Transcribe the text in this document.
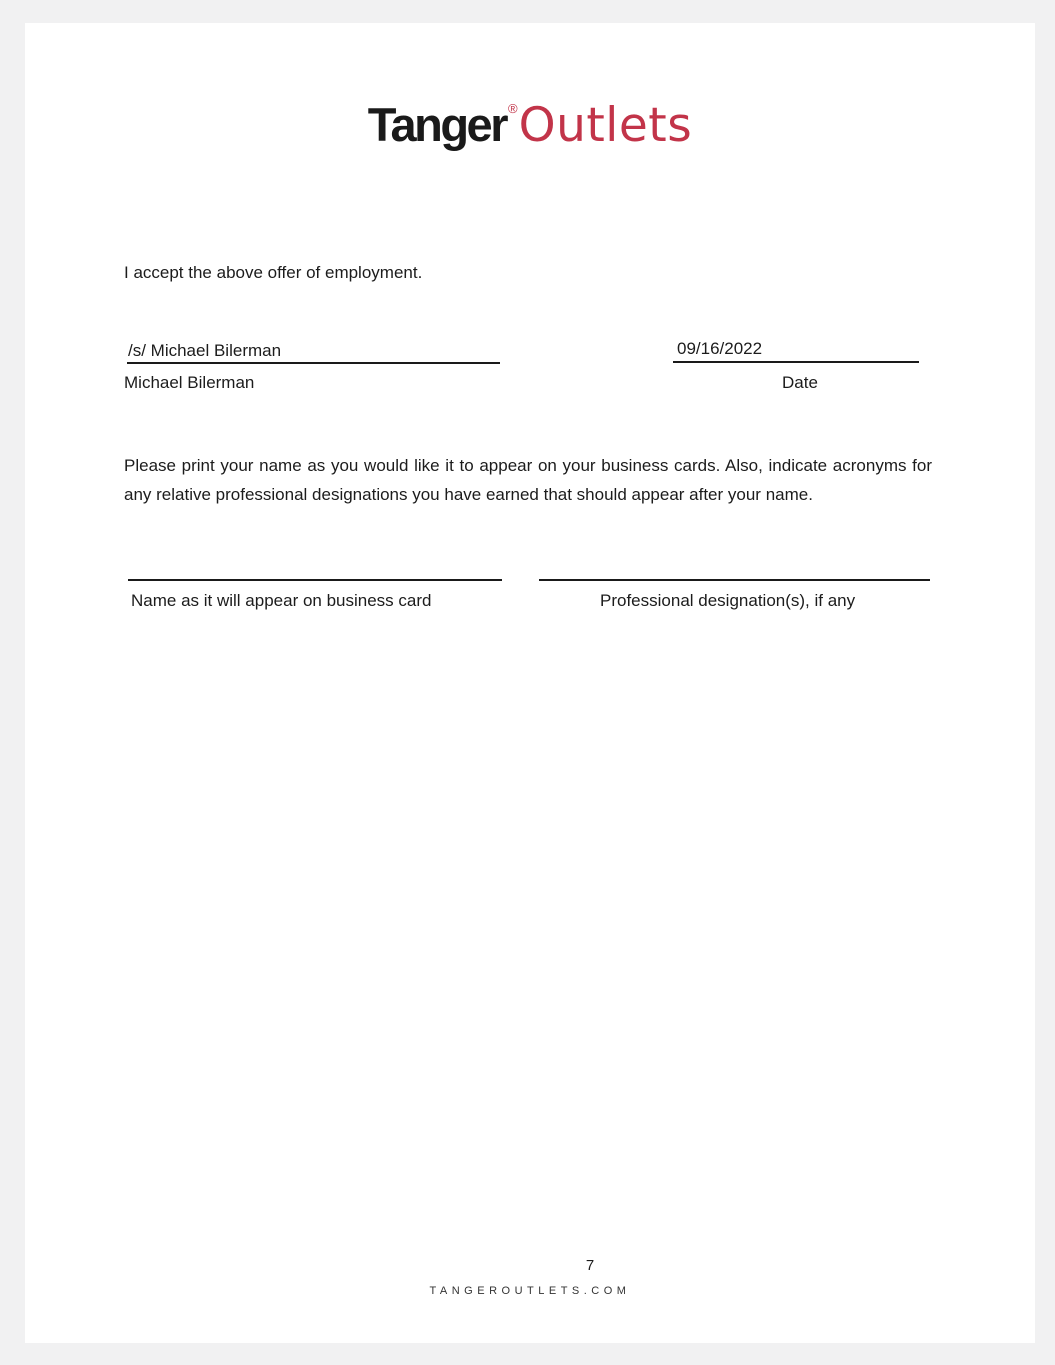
Tanger ®Outlets
I accept the above offer of employment.
/s/ Michael Bilerman
Michael Bilerman
09/16/2022
Date
Please print your name as you would like it to appear on your business cards. Also, indicate acronyms for any relative professional designations you have earned that should appear after your name.
Name as it will appear on business card	Professional designation(s), if any
7
TANGEROUTLETS.COM
